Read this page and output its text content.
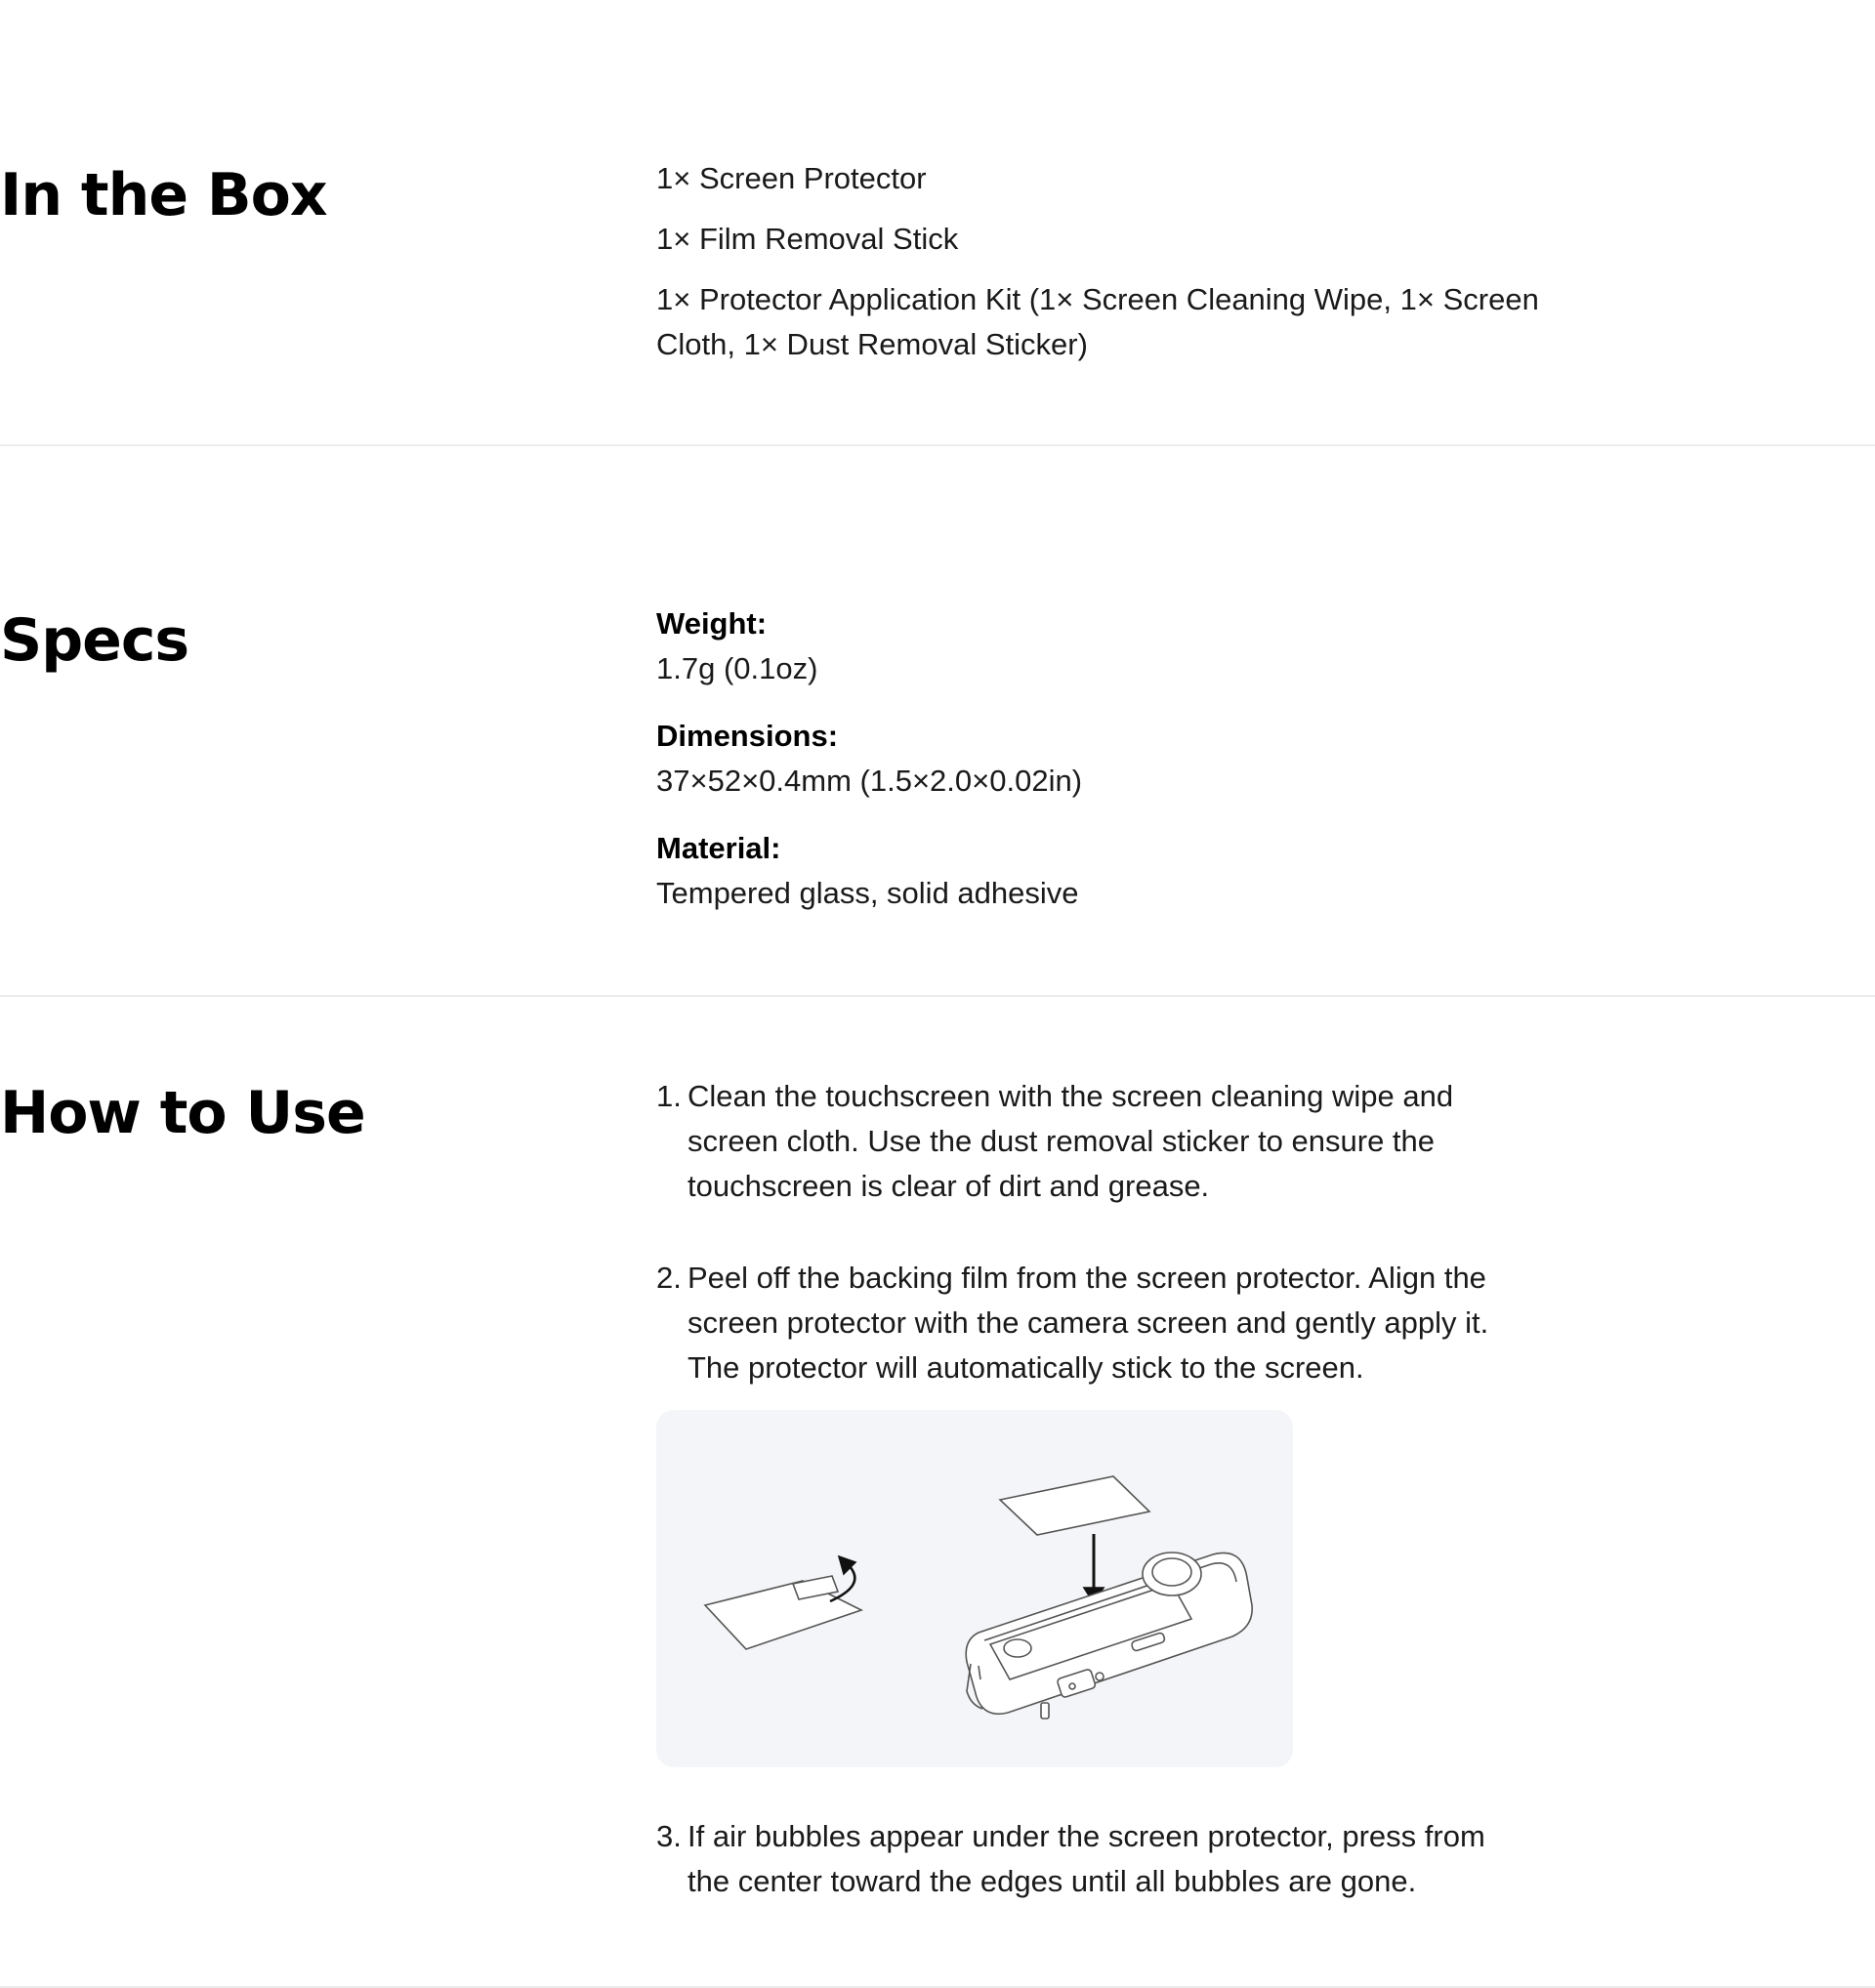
In the Box	1× Screen Protector

1× Film Removal Stick

1× Protector Application Kit (1× Screen Cleaning Wipe, 1× Screen Cloth, 1× Dust Removal Sticker)

Specs	Weight:
1.7g (0.1oz)
Dimensions:
37×52×0.4mm (1.5×2.0×0.02in)
Material:
Tempered glass, solid adhesive
How to Use	1. Clean the touchscreen with the screen cleaning wipe and screen cloth. Use the dust removal sticker to ensure the touchscreen is clear of dirt and grease.
2. Peel off the backing film from the screen protector. Align the screen protector with the camera screen and gently apply it. The protector will automatically stick to the screen.
3. If air bubbles appear under the screen protector, press from the center toward the edges until all bubbles are gone.
